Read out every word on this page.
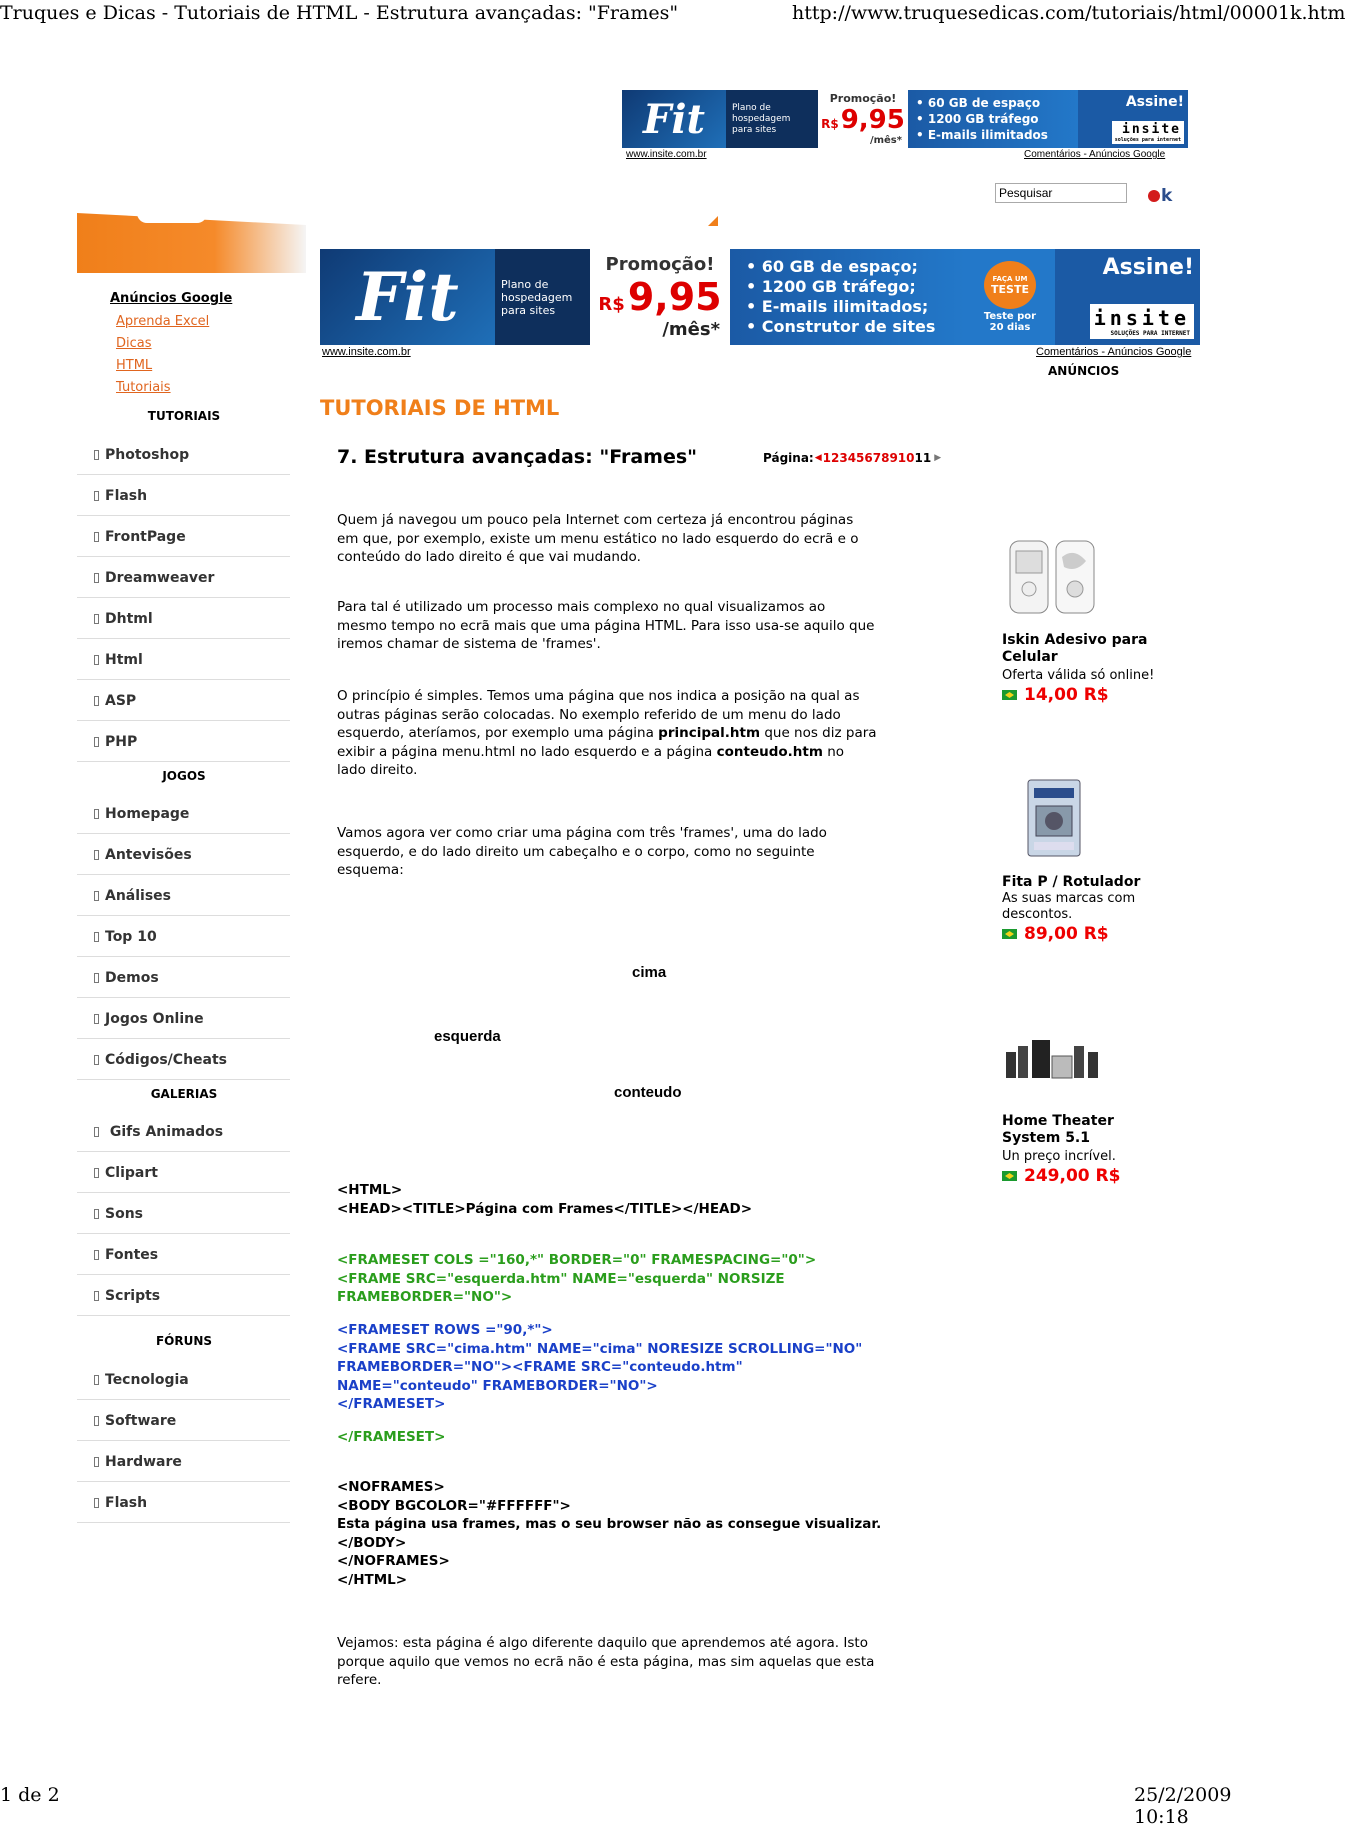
Truques e Dicas - Tutoriais de HTML - Estrutura avançadas: "Frames"	http://www.truquesedicas.com/tutoriais/html/00001k.htm
Fit	Plano de
hospedagem
para sites
Promoção!
R$ 9,95
/mês*
• 60 GB de espaço
• 1200 GB tráfego
• E-mails ilimitados
Assine!
insite
soluções para internet
www.insite.com.br	Comentários - Anúncios Google
Pesquisar
k
Fit	Plano de
hospedagem
para sites
Promoção!
R$ 9,95
/mês*
• 60 GB de espaço;
• 1200 GB tráfego;
• E-mails ilimitados;
• Construtor de sites
FAÇA UM
TESTE
Teste por
20 dias
Assine!
insite
SOLUÇÕES PARA INTERNET
www.insite.com.br	Comentários - Anúncios Google
ANÚNCIOS
Anúncios Google
Aprenda Excel
Dicas
HTML
Tutoriais
TUTORIAIS
Photoshop
Flash
FrontPage
Dreamweaver
Dhtml
Html
ASP
PHP
JOGOS
Homepage
Antevisões
Análises
Top 10
Demos
Jogos Online
Códigos/Cheats
GALERIAS
Gifs Animados
Clipart
Sons
Fontes
Scripts
FÓRUNS
Tecnologia
Software
Hardware
Flash
TUTORIAIS DE HTML
7. Estrutura avançadas: "Frames"	Página: ◀ 12345678910 11 ▶
Quem já navegou um pouco pela Internet com certeza já encontrou páginas em que, por exemplo, existe um menu estático no lado esquerdo do ecrã e o conteúdo do lado direito é que vai mudando.
Para tal é utilizado um processo mais complexo no qual visualizamos ao mesmo tempo no ecrã mais que uma página HTML. Para isso usa-se aquilo que iremos chamar de sistema de 'frames'.
O princípio é simples. Temos uma página que nos indica a posição na qual as outras páginas serão colocadas. No exemplo referido de um menu do lado esquerdo, ateríamos, por exemplo uma página principal.htm que nos diz para exibir a página menu.html no lado esquerdo e a página conteudo.htm no lado direito.
Vamos agora ver como criar uma página com três 'frames', uma do lado esquerdo, e do lado direito um cabeçalho e o corpo, como no seguinte esquema:
cima
esquerda
conteudo
<HTML>
<HEAD><TITLE>Página com Frames</TITLE></HEAD>
<FRAMESET COLS ="160,*" BORDER="0" FRAMESPACING="0">
<FRAME SRC="esquerda.htm" NAME="esquerda" NORSIZE
FRAMEBORDER="NO">
<FRAMESET ROWS ="90,*">
<FRAME SRC="cima.htm" NAME="cima" NORESIZE SCROLLING="NO"
FRAMEBORDER="NO"><FRAME SRC="conteudo.htm"
NAME="conteudo" FRAMEBORDER="NO">
</FRAMESET>
</FRAMESET>
<NOFRAMES>
<BODY BGCOLOR="#FFFFFF">
Esta página usa frames, mas o seu browser não as consegue visualizar.
</BODY>
</NOFRAMES>
</HTML>
Vejamos: esta página é algo diferente daquilo que aprendemos até agora. Isto porque aquilo que vemos no ecrã não é esta página, mas sim aquelas que esta refere.
Iskin Adesivo para Celular
Oferta válida só online!
14,00 R$
Fita P / Rotulador
As suas marcas com descontos.
89,00 R$
Home Theater System 5.1
Un preço incrível.
249,00 R$
1 de 2	25/2/2009 10:18
